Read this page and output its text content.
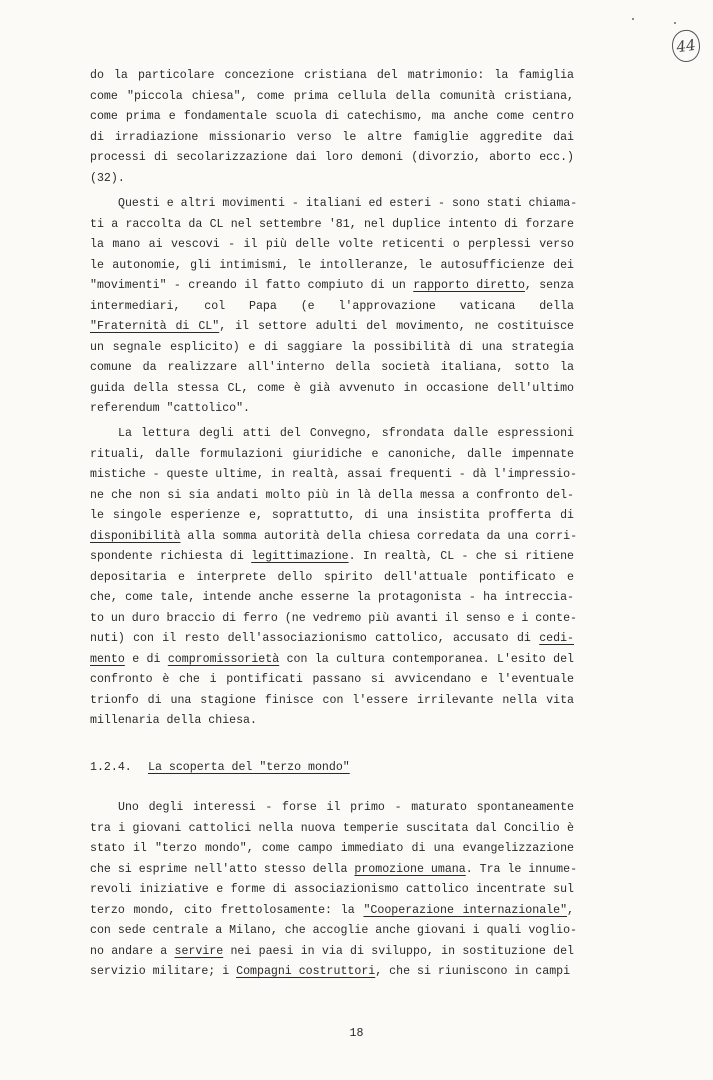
44
do la particolare concezione cristiana del matrimonio: la famiglia
come "piccola chiesa", come prima cellula della comunità cristiana,
come prima e fondamentale scuola di catechismo, ma anche come centro
di irradiazione missionario verso le altre famiglie aggredite dai
processi di secolarizzazione dai loro demoni (divorzio, aborto ecc.)
(32).
Questi e altri movimenti - italiani ed esteri - sono stati chiama-
ti a raccolta da CL nel settembre '81, nel duplice intento di forzare
la mano ai vescovi - il più delle volte reticenti o perplessi verso
le autonomie, gli intimismi, le intolleranze, le autosufficienze dei
"movimenti" - creando il fatto compiuto di un rapporto diretto, senza
intermediari, col Papa (e l'approvazione vaticana della
"Fraternità di CL", il settore adulti del movimento, ne costituisce
un segnale esplicito) e di saggiare la possibilità di una strategia
comune da realizzare all'interno della società italiana, sotto la
guida della stessa CL, come è già avvenuto in occasione dell'ultimo
referendum "cattolico".
La lettura degli atti del Convegno, sfrondata dalle espressioni
rituali, dalle formulazioni giuridiche e canoniche, dalle impennate
mistiche - queste ultime, in realtà, assai frequenti - dà l'impressio-
ne che non si sia andati molto più in là della messa a confronto del-
le singole esperienze e, soprattutto, di una insistita profferta di
disponibilità alla somma autorità della chiesa corredata da una corri-
spondente richiesta di legittimazione. In realtà, CL - che si ritiene
depositaria e interprete dello spirito dell'attuale pontificato e
che, come tale, intende anche esserne la protagonista - ha intreccia-
to un duro braccio di ferro (ne vedremo più avanti il senso e i conte-
nuti) con il resto dell'associazionismo cattolico, accusato di cedi-
mento e di compromissorietà con la cultura contemporanea. L'esito del
confronto è che i pontificati passano si avvicendano e l'eventuale
trionfo di una stagione finisce con l'essere irrilevante nella vita
millenaria della chiesa.
1.2.4. La scoperta del "terzo mondo"
Uno degli interessi - forse il primo - maturato spontaneamente
tra i giovani cattolici nella nuova temperie suscitata dal Concilio è
stato il "terzo mondo", come campo immediato di una evangelizzazione
che si esprime nell'atto stesso della promozione umana. Tra le innume-
revoli iniziative e forme di associazionismo cattolico incentrate sul
terzo mondo, cito frettolosamente: la "Cooperazione internazionale",
con sede centrale a Milano, che accoglie anche giovani i quali voglio-
no andare a servire nei paesi in via di sviluppo, in sostituzione del
servizio militare; i Compagni costruttori, che si riuniscono in campi
18
